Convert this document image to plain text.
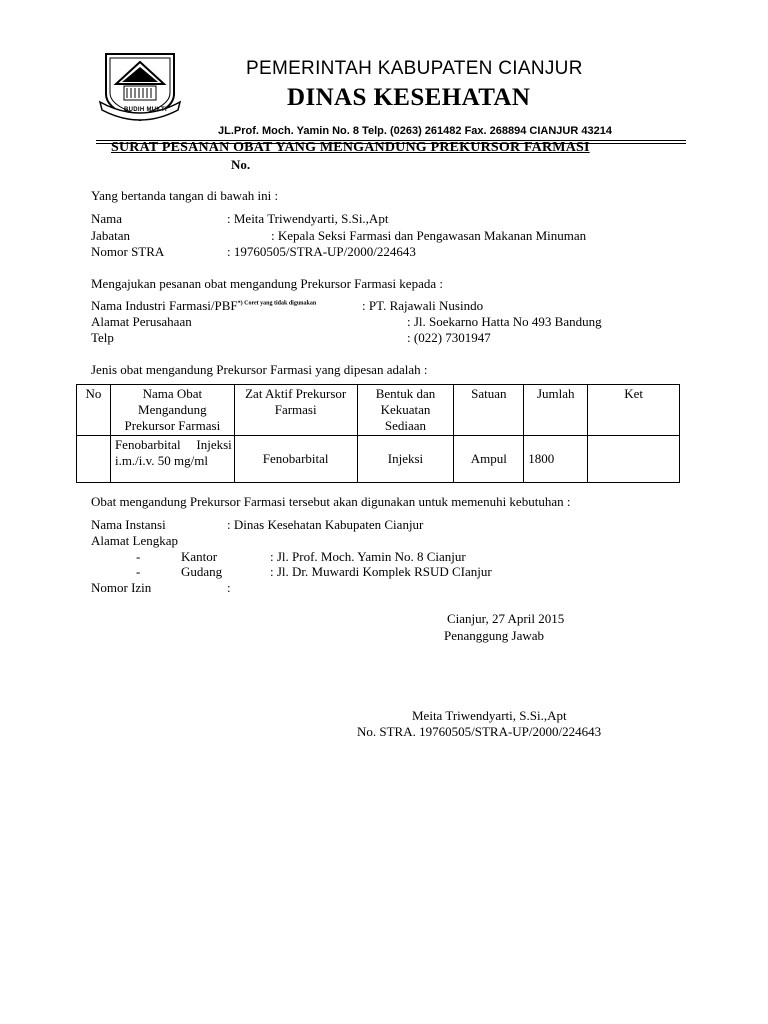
BUDIH MUKTI
PEMERINTAH KABUPATEN CIANJUR
DINAS KESEHATAN
JL.Prof. Moch. Yamin No. 8 Telp. (0263) 261482 Fax. 268894 CIANJUR 43214
SURAT PESANAN OBAT YANG MENGANDUNG PREKURSOR FARMASI
No.
Yang bertanda tangan di bawah ini :
Nama	: Meita Triwendyarti, S.Si.,Apt
Jabatan	: Kepala Seksi Farmasi dan Pengawasan Makanan Minuman
Nomor STRA	: 19760505/STRA-UP/2000/224643
Mengajukan pesanan obat mengandung Prekursor Farmasi kepada :
Nama Industri Farmasi/PBF$^{*) Coret yang tidak digunakan}$	: PT. Rajawali Nusindo
Alamat Perusahaan	: Jl. Soekarno Hatta No 493 Bandung
Telp	: (022) 7301947
Jenis obat mengandung Prekursor Farmasi yang dipesan adalah :
No	Nama Obat Mengandung Prekursor Farmasi	Zat Aktif Prekursor Farmasi	Bentuk dan Kekuatan Sediaan	Satuan	Jumlah	Ket
	Fenobarbital Injeksi i.m./i.v. 50 mg/ml	Fenobarbital	Injeksi	Ampul	1800	
Obat mengandung Prekursor Farmasi tersebut akan digunakan untuk memenuhi kebutuhan :
Nama Instansi	: Dinas Kesehatan Kabupaten Cianjur
Alamat Lengkap
-	Kantor	: Jl. Prof. Moch. Yamin No. 8 Cianjur
-	Gudang	: Jl. Dr. Muwardi Komplek RSUD CIanjur
Nomor Izin	:
Cianjur, 27 April 2015
Penanggung Jawab
Meita Triwendyarti, S.Si.,Apt
No. STRA. 19760505/STRA-UP/2000/224643
